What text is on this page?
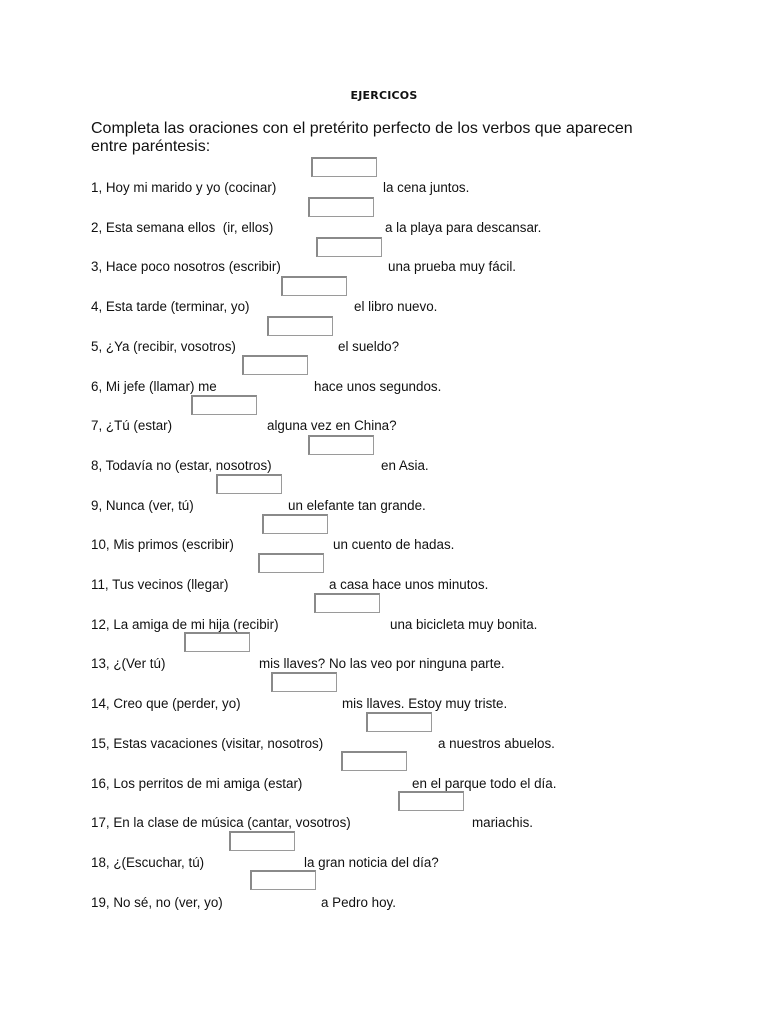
EJERCICOS
Completa las oraciones con el pretérito perfecto de los verbos que aparecen entre paréntesis:
1, Hoy mi marido y yo (cocinar)	la cena juntos.
2, Esta semana ellos  (ir, ellos)	a la playa para descansar.
3, Hace poco nosotros (escribir)	una prueba muy fácil.
4, Esta tarde (terminar, yo)	el libro nuevo.
5, ¿Ya (recibir, vosotros)	el sueldo?
6, Mi jefe (llamar) me	hace unos segundos.
7, ¿Tú (estar)	alguna vez en China?
8, Todavía no (estar, nosotros)	en Asia.
9, Nunca (ver, tú)	un elefante tan grande.
10, Mis primos (escribir)	un cuento de hadas.
11, Tus vecinos (llegar)	a casa hace unos minutos.
12, La amiga de mi hija (recibir)	una bicicleta muy bonita.
13, ¿(Ver tú)	mis llaves? No las veo por ninguna parte.
14, Creo que (perder, yo)	mis llaves. Estoy muy triste.
15, Estas vacaciones (visitar, nosotros)	a nuestros abuelos.
16, Los perritos de mi amiga (estar)	en el parque todo el día.
17, En la clase de música (cantar, vosotros)	mariachis.
18, ¿(Escuchar, tú)	la gran noticia del día?
19, No sé, no (ver, yo)	a Pedro hoy.
